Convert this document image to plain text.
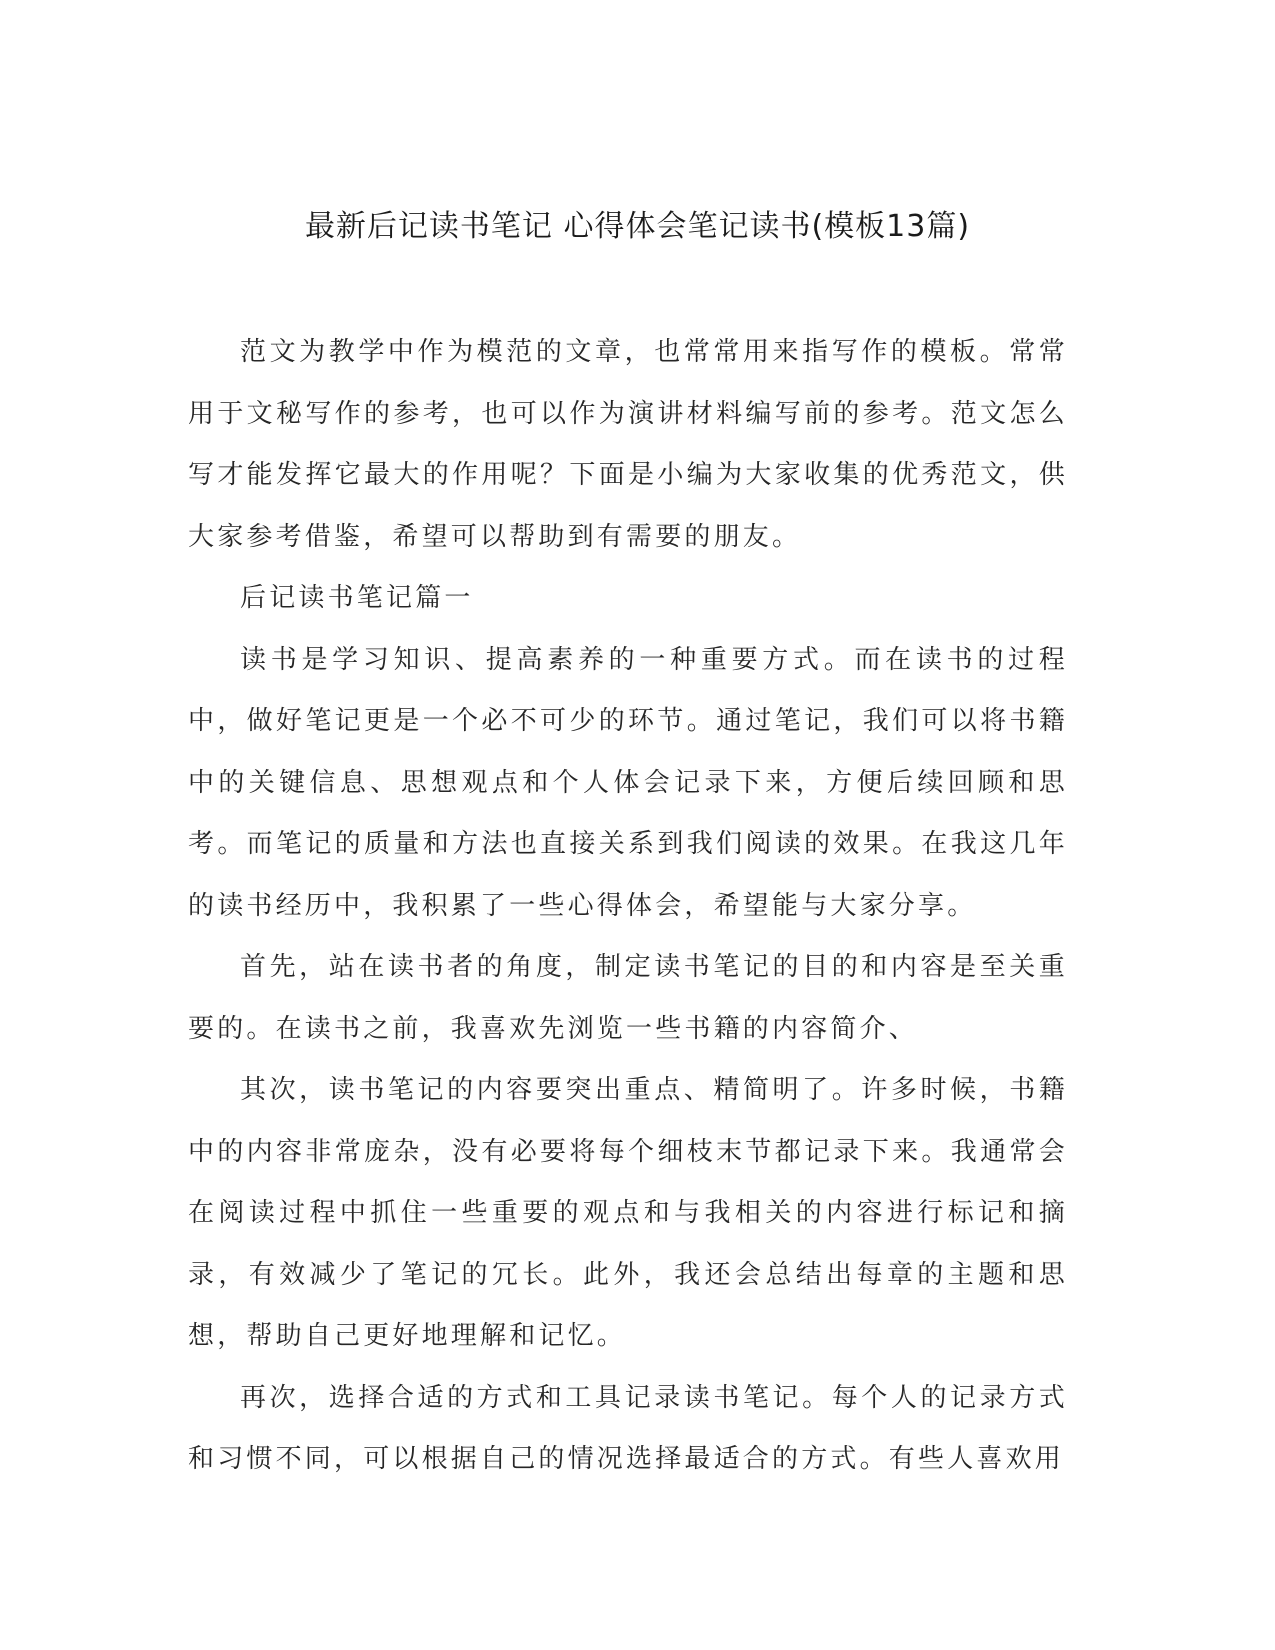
最新后记读书笔记 心得体会笔记读书(模板13篇)

范文为教学中作为模范的文章，也常常用来指写作的模板。常常用于文秘写作的参考，也可以作为演讲材料编写前的参考。范文怎么写才能发挥它最大的作用呢？下面是小编为大家收集的优秀范文，供大家参考借鉴，希望可以帮助到有需要的朋友。

后记读书笔记篇一

读书是学习知识、提高素养的一种重要方式。而在读书的过程中，做好笔记更是一个必不可少的环节。通过笔记，我们可以将书籍中的关键信息、思想观点和个人体会记录下来，方便后续回顾和思考。而笔记的质量和方法也直接关系到我们阅读的效果。在我这几年的读书经历中，我积累了一些心得体会，希望能与大家分享。

首先，站在读书者的角度，制定读书笔记的目的和内容是至关重要的。在读书之前，我喜欢先浏览一些书籍的内容简介、

其次，读书笔记的内容要突出重点、精简明了。许多时候，书籍中的内容非常庞杂，没有必要将每个细枝末节都记录下来。我通常会在阅读过程中抓住一些重要的观点和与我相关的内容进行标记和摘录，有效减少了笔记的冗长。此外，我还会总结出每章的主题和思想，帮助自己更好地理解和记忆。

再次，选择合适的方式和工具记录读书笔记。每个人的记录方式和习惯不同，可以根据自己的情况选择最适合的方式。有些人喜欢用
